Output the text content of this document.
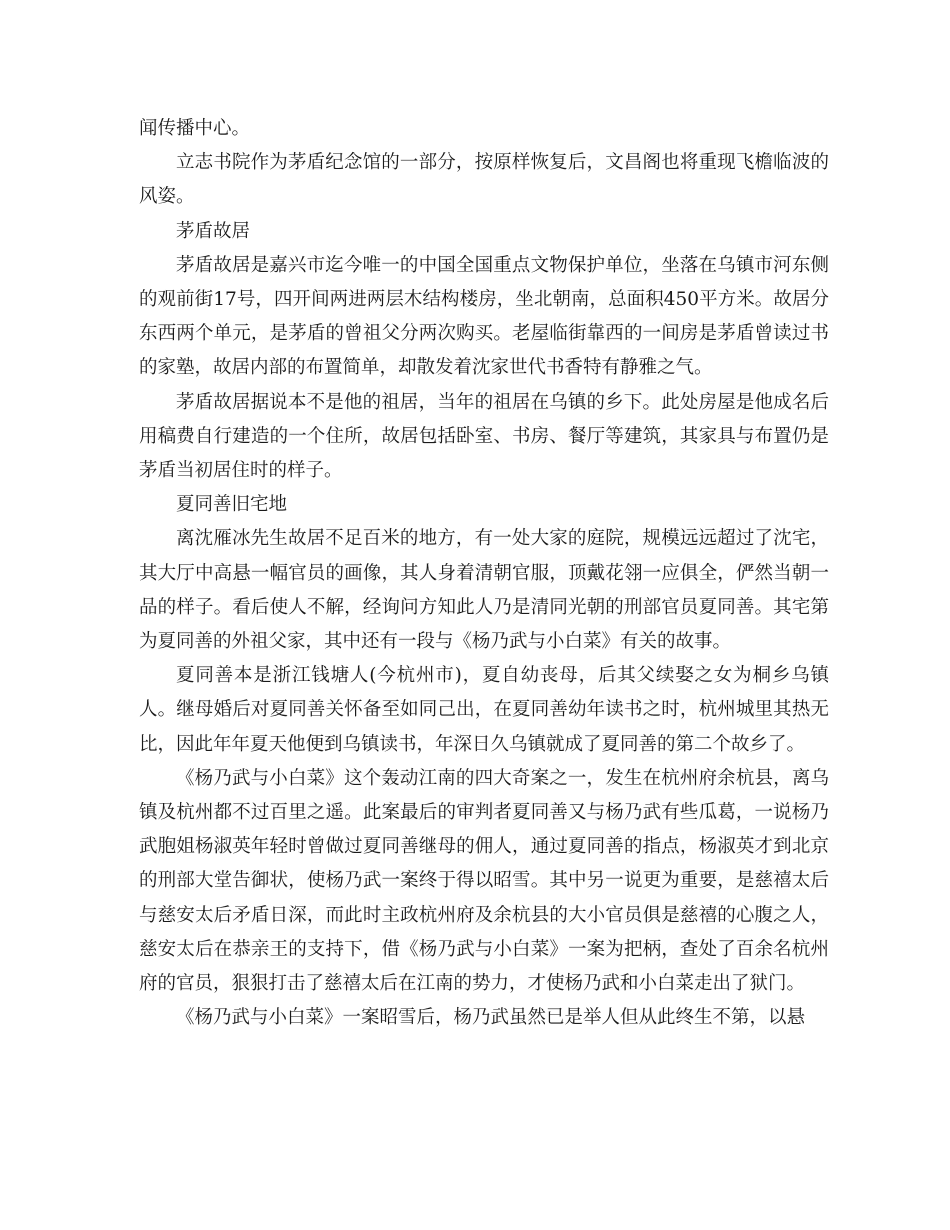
闻传播中心。

立志书院作为茅盾纪念馆的一部分，按原样恢复后，文昌阁也将重现飞檐临波的风姿。

茅盾故居

茅盾故居是嘉兴市迄今唯一的中国全国重点文物保护单位，坐落在乌镇市河东侧的观前街17号，四开间两进两层木结构楼房，坐北朝南，总面积450平方米。故居分东西两个单元，是茅盾的曾祖父分两次购买。老屋临街靠西的一间房是茅盾曾读过书的家塾，故居内部的布置简单，却散发着沈家世代书香特有静雅之气。

茅盾故居据说本不是他的祖居，当年的祖居在乌镇的乡下。此处房屋是他成名后用稿费自行建造的一个住所，故居包括卧室、书房、餐厅等建筑，其家具与布置仍是茅盾当初居住时的样子。

夏同善旧宅地

离沈雁冰先生故居不足百米的地方，有一处大家的庭院，规模远远超过了沈宅，其大厅中高悬一幅官员的画像，其人身着清朝官服，顶戴花翎一应俱全，俨然当朝一品的样子。看后使人不解，经询问方知此人乃是清同光朝的刑部官员夏同善。其宅第为夏同善的外祖父家，其中还有一段与《杨乃武与小白菜》有关的故事。

夏同善本是浙江钱塘人(今杭州市)，夏自幼丧母，后其父续娶之女为桐乡乌镇人。继母婚后对夏同善关怀备至如同己出，在夏同善幼年读书之时，杭州城里其热无比，因此年年夏天他便到乌镇读书，年深日久乌镇就成了夏同善的第二个故乡了。

《杨乃武与小白菜》这个轰动江南的四大奇案之一，发生在杭州府余杭县，离乌镇及杭州都不过百里之遥。此案最后的审判者夏同善又与杨乃武有些瓜葛，一说杨乃武胞姐杨淑英年轻时曾做过夏同善继母的佣人，通过夏同善的指点，杨淑英才到北京的刑部大堂告御状，使杨乃武一案终于得以昭雪。其中另一说更为重要，是慈禧太后与慈安太后矛盾日深，而此时主政杭州府及余杭县的大小官员俱是慈禧的心腹之人，慈安太后在恭亲王的支持下，借《杨乃武与小白菜》一案为把柄，查处了百余名杭州府的官员，狠狠打击了慈禧太后在江南的势力，才使杨乃武和小白菜走出了狱门。

《杨乃武与小白菜》一案昭雪后，杨乃武虽然已是举人但从此终生不第，以悬
